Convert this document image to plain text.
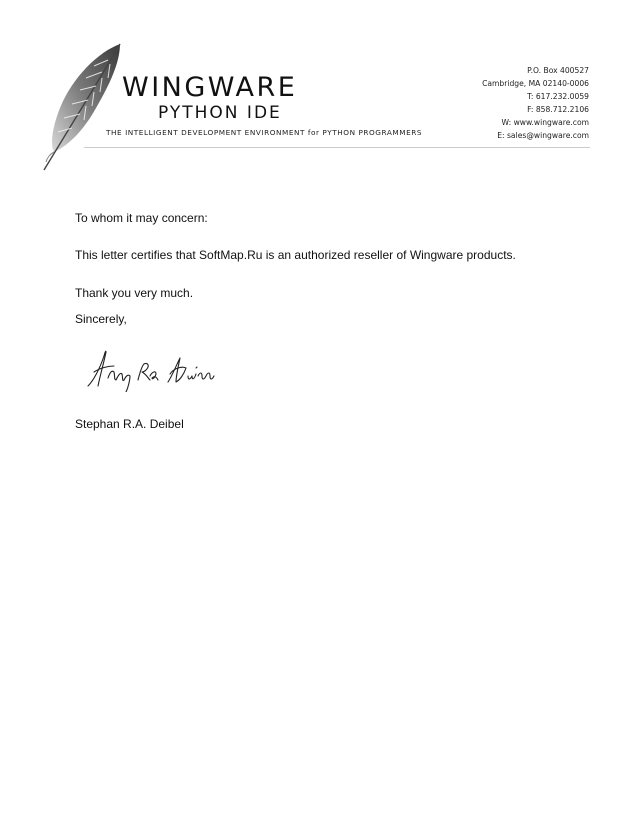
WINGWARE
PYTHON IDE
THE INTELLIGENT DEVELOPMENT ENVIRONMENT for PYTHON PROGRAMMERS
P.O. Box 400527
Cambridge, MA 02140-0006
T: 617.232.0059
F: 858.712.2106
W: www.wingware.com
E: sales@wingware.com
To whom it may concern:
This letter certifies that SoftMap.Ru is an authorized reseller of Wingware products.
Thank you very much.
Sincerely,
Stephan R.A. Deibel
